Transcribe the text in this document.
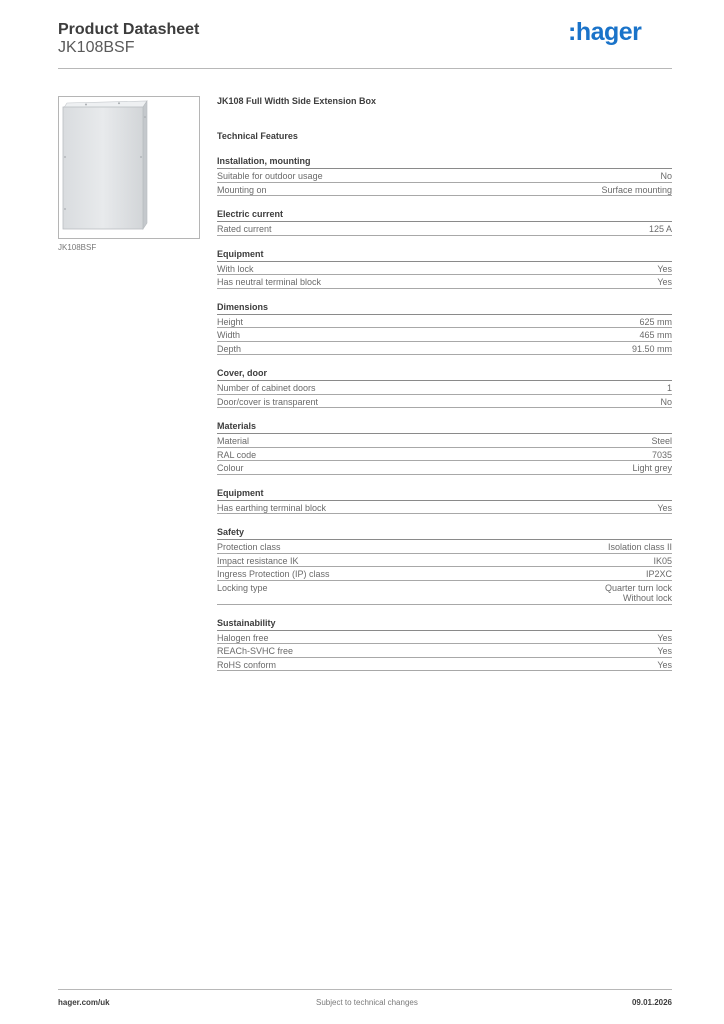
Product Datasheet
JK108BSF
:hager
JK108BSF
JK108 Full Width Side Extension Box
Technical Features
Installation, mounting
Suitable for outdoor usage	No
Mounting on	Surface mounting
Electric current
Rated current	125 A
Equipment
With lock	Yes
Has neutral terminal block	Yes
Dimensions
Height	625 mm
Width	465 mm
Depth	91.50 mm
Cover, door
Number of cabinet doors	1
Door/cover is transparent	No
Materials
Material	Steel
RAL code	7035
Colour	Light grey
Equipment
Has earthing terminal block	Yes
Safety
Protection class	Isolation class II
Impact resistance IK	IK05
Ingress Protection (IP) class	IP2XC
Locking type	Quarter turn lock
Without lock
Sustainability
Halogen free	Yes
REACh-SVHC free	Yes
RoHS conform	Yes
hager.com/uk	Subject to technical changes	09.01.2026
